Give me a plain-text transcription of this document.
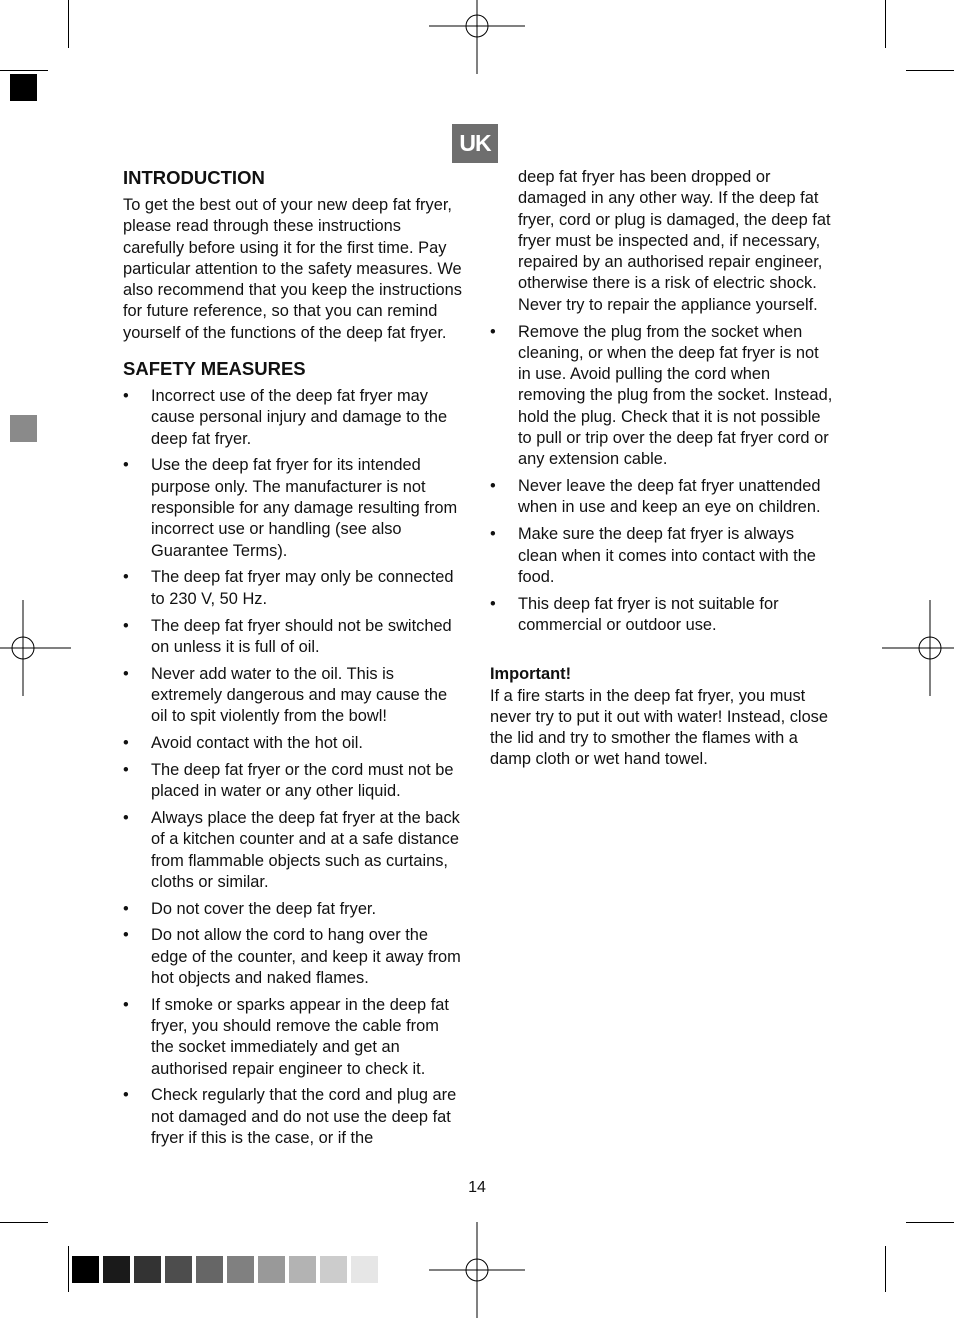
UK
INTRODUCTION

To get the best out of your new deep fat fryer, please read through these instructions carefully before using it for the first time. Pay particular attention to the safety measures. We also recommend that you keep the instructions for future reference, so that you can remind yourself of the functions of the deep fat fryer.

SAFETY MEASURES
• Incorrect use of the deep fat fryer may cause personal injury and damage to the deep fat fryer.
• Use the deep fat fryer for its intended purpose only. The manufacturer is not responsible for any damage resulting from incorrect use or handling (see also Guarantee Terms).
• The deep fat fryer may only be connected to 230 V, 50 Hz.
• The deep fat fryer should not be switched on unless it is full of oil.
• Never add water to the oil. This is extremely dangerous and may cause the oil to spit violently from the bowl!
• Avoid contact with the hot oil.
• The deep fat fryer or the cord must not be placed in water or any other liquid.
• Always place the deep fat fryer at the back of a kitchen counter and at a safe distance from flammable objects such as curtains, cloths or similar.
• Do not cover the deep fat fryer.
• Do not allow the cord to hang over the edge of the counter, and keep it away from hot objects and naked flames.
• If smoke or sparks appear in the deep fat fryer, you should remove the cable from the socket immediately and get an authorised repair engineer to check it.
• Check regularly that the cord and plug are not damaged and do not use the deep fat fryer if this is the case, or if the
deep fat fryer has been dropped or damaged in any other way. If the deep fat fryer, cord or plug is damaged, the deep fat fryer must be inspected and, if necessary, repaired by an authorised repair engineer, otherwise there is a risk of electric shock. Never try to repair the appliance yourself.
• Remove the plug from the socket when cleaning, or when the deep fat fryer is not in use. Avoid pulling the cord when removing the plug from the socket. Instead, hold the plug. Check that it is not possible to pull or trip over the deep fat fryer cord or any extension cable.
• Never leave the deep fat fryer unattended when in use and keep an eye on children.
• Make sure the deep fat fryer is always clean when it comes into contact with the food.
• This deep fat fryer is not suitable for commercial or outdoor use.

Important!

If a fire starts in the deep fat fryer, you must never try to put it out with water! Instead, close the lid and try to smother the flames with a damp cloth or wet hand towel.

14
